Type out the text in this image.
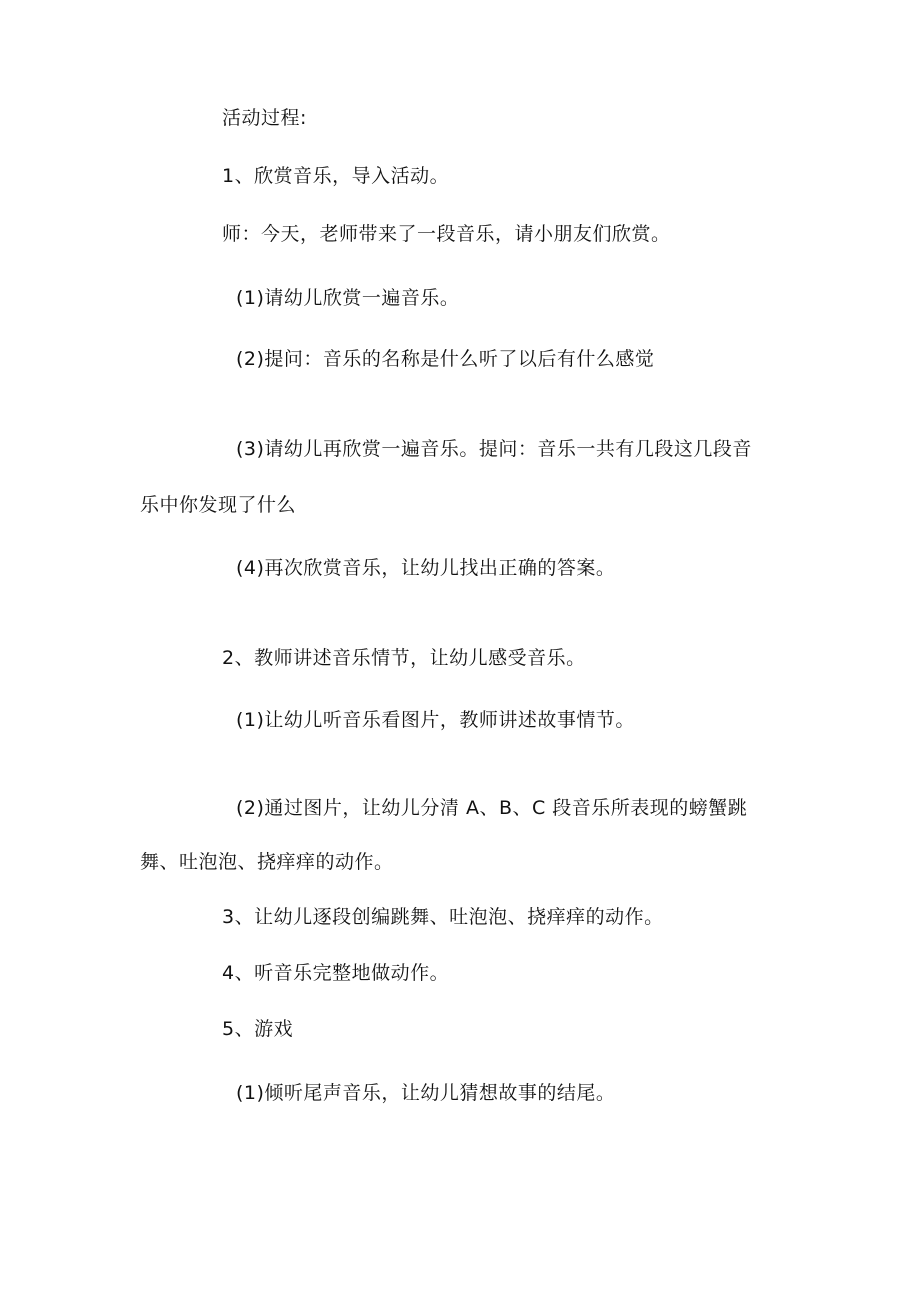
活动过程:
1、欣赏音乐，导入活动。
师：今天，老师带来了一段音乐，请小朋友们欣赏。
(1)请幼儿欣赏一遍音乐。
(2)提问：音乐的名称是什么听了以后有什么感觉
(3)请幼儿再欣赏一遍音乐。提问：音乐一共有几段这几段音
乐中你发现了什么
(4)再次欣赏音乐，让幼儿找出正确的答案。
2、教师讲述音乐情节，让幼儿感受音乐。
(1)让幼儿听音乐看图片，教师讲述故事情节。
(2)通过图片，让幼儿分清 A、B、C 段音乐所表现的螃蟹跳
舞、吐泡泡、挠痒痒的动作。
3、让幼儿逐段创编跳舞、吐泡泡、挠痒痒的动作。
4、听音乐完整地做动作。
5、游戏
(1)倾听尾声音乐，让幼儿猜想故事的结尾。
